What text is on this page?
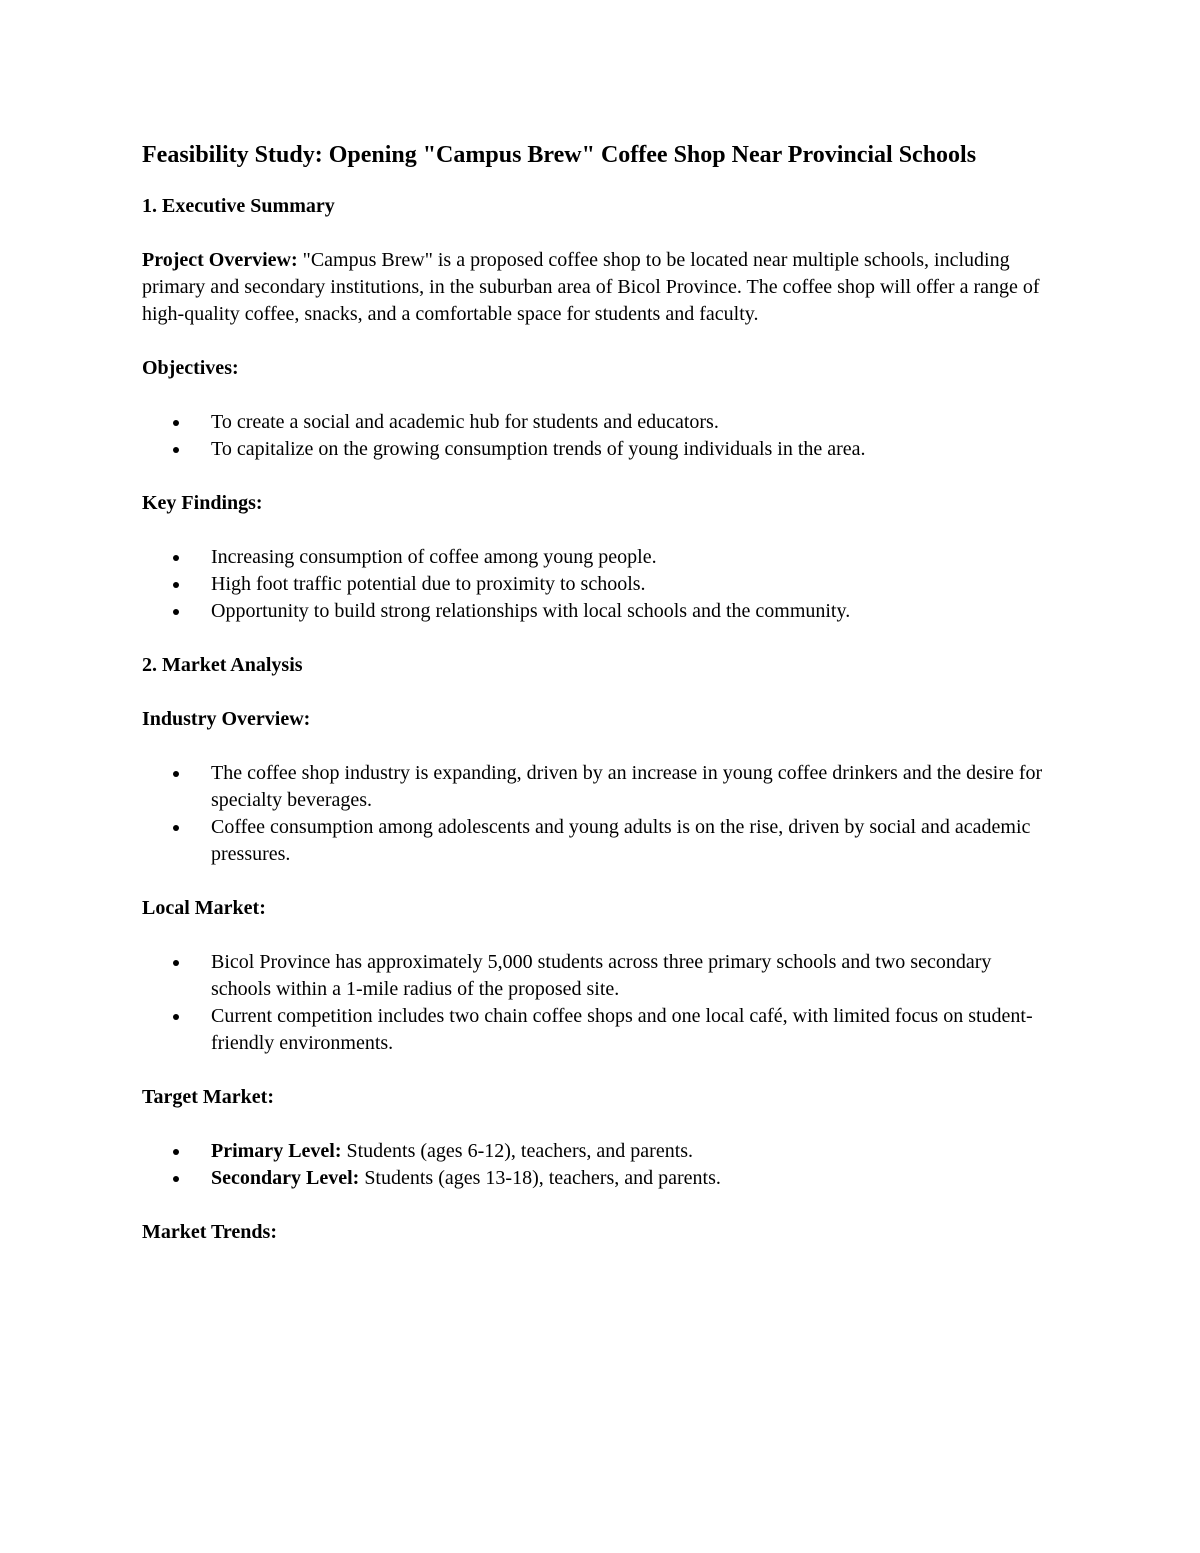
Feasibility Study: Opening "Campus Brew" Coffee Shop Near Provincial Schools
1. Executive Summary

Project Overview: "Campus Brew" is a proposed coffee shop to be located near multiple schools, including primary and secondary institutions, in the suburban area of Bicol Province. The coffee shop will offer a range of high-quality coffee, snacks, and a comfortable space for students and faculty.

Objectives:
To create a social and academic hub for students and educators.
To capitalize on the growing consumption trends of young individuals in the area.
Key Findings:
Increasing consumption of coffee among young people.
High foot traffic potential due to proximity to schools.
Opportunity to build strong relationships with local schools and the community.
2. Market Analysis
Industry Overview:
The coffee shop industry is expanding, driven by an increase in young coffee drinkers and the desire for specialty beverages.
Coffee consumption among adolescents and young adults is on the rise, driven by social and academic pressures.
Local Market:
Bicol Province has approximately 5,000 students across three primary schools and two secondary schools within a 1-mile radius of the proposed site.
Current competition includes two chain coffee shops and one local café, with limited focus on student-friendly environments.
Target Market:
Primary Level: Students (ages 6-12), teachers, and parents.
Secondary Level: Students (ages 13-18), teachers, and parents.
Market Trends:
